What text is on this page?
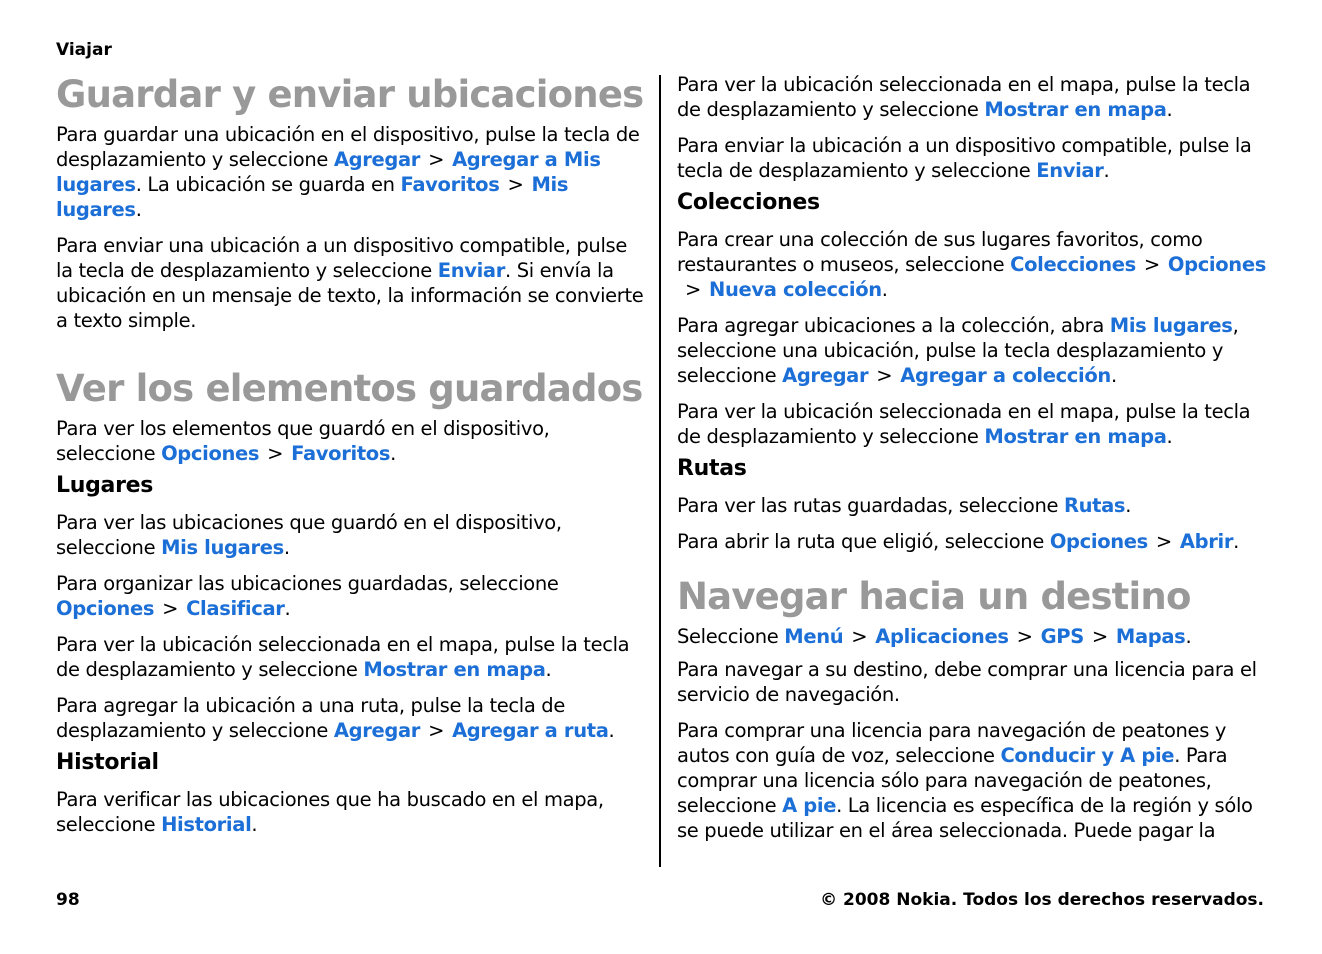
Viajar
Guardar y enviar ubicaciones

Para guardar una ubicación en el dispositivo, pulse la tecla de desplazamiento y seleccione Agregar>Agregar a Mis lugares. La ubicación se guarda en Favoritos>Mis lugares.

Para enviar una ubicación a un dispositivo compatible, pulse la tecla de desplazamiento y seleccione Enviar. Si envía la ubicación en un mensaje de texto, la información se convierte a texto simple.

Ver los elementos guardados

Para ver los elementos que guardó en el dispositivo, seleccione Opciones>Favoritos.

Lugares

Para ver las ubicaciones que guardó en el dispositivo, seleccione Mis lugares.

Para organizar las ubicaciones guardadas, seleccione Opciones>Clasificar.

Para ver la ubicación seleccionada en el mapa, pulse la tecla de desplazamiento y seleccione Mostrar en mapa.

Para agregar la ubicación a una ruta, pulse la tecla de desplazamiento y seleccione Agregar>Agregar a ruta.

Historial

Para verificar las ubicaciones que ha buscado en el mapa, seleccione Historial.

Para ver la ubicación seleccionada en el mapa, pulse la tecla de desplazamiento y seleccione Mostrar en mapa.

Para enviar la ubicación a un dispositivo compatible, pulse la tecla de desplazamiento y seleccione Enviar.

Colecciones

Para crear una colección de sus lugares favoritos, como restaurantes o museos, seleccione Colecciones>Opciones>Nueva colección.

Para agregar ubicaciones a la colección, abra Mis lugares, seleccione una ubicación, pulse la tecla desplazamiento y seleccione Agregar>Agregar a colección.

Para ver la ubicación seleccionada en el mapa, pulse la tecla de desplazamiento y seleccione Mostrar en mapa.

Rutas

Para ver las rutas guardadas, seleccione Rutas.

Para abrir la ruta que eligió, seleccione Opciones>Abrir.

Navegar hacia un destino

Seleccione Menú>Aplicaciones>GPS>Mapas.

Para navegar a su destino, debe comprar una licencia para el servicio de navegación.

Para comprar una licencia para navegación de peatones y autos con guía de voz, seleccione Conducir y A pie. Para comprar una licencia sólo para navegación de peatones, seleccione A pie. La licencia es específica de la región y sólo se puede utilizar en el área seleccionada. Puede pagar la

98	© 2008 Nokia. Todos los derechos reservados.
